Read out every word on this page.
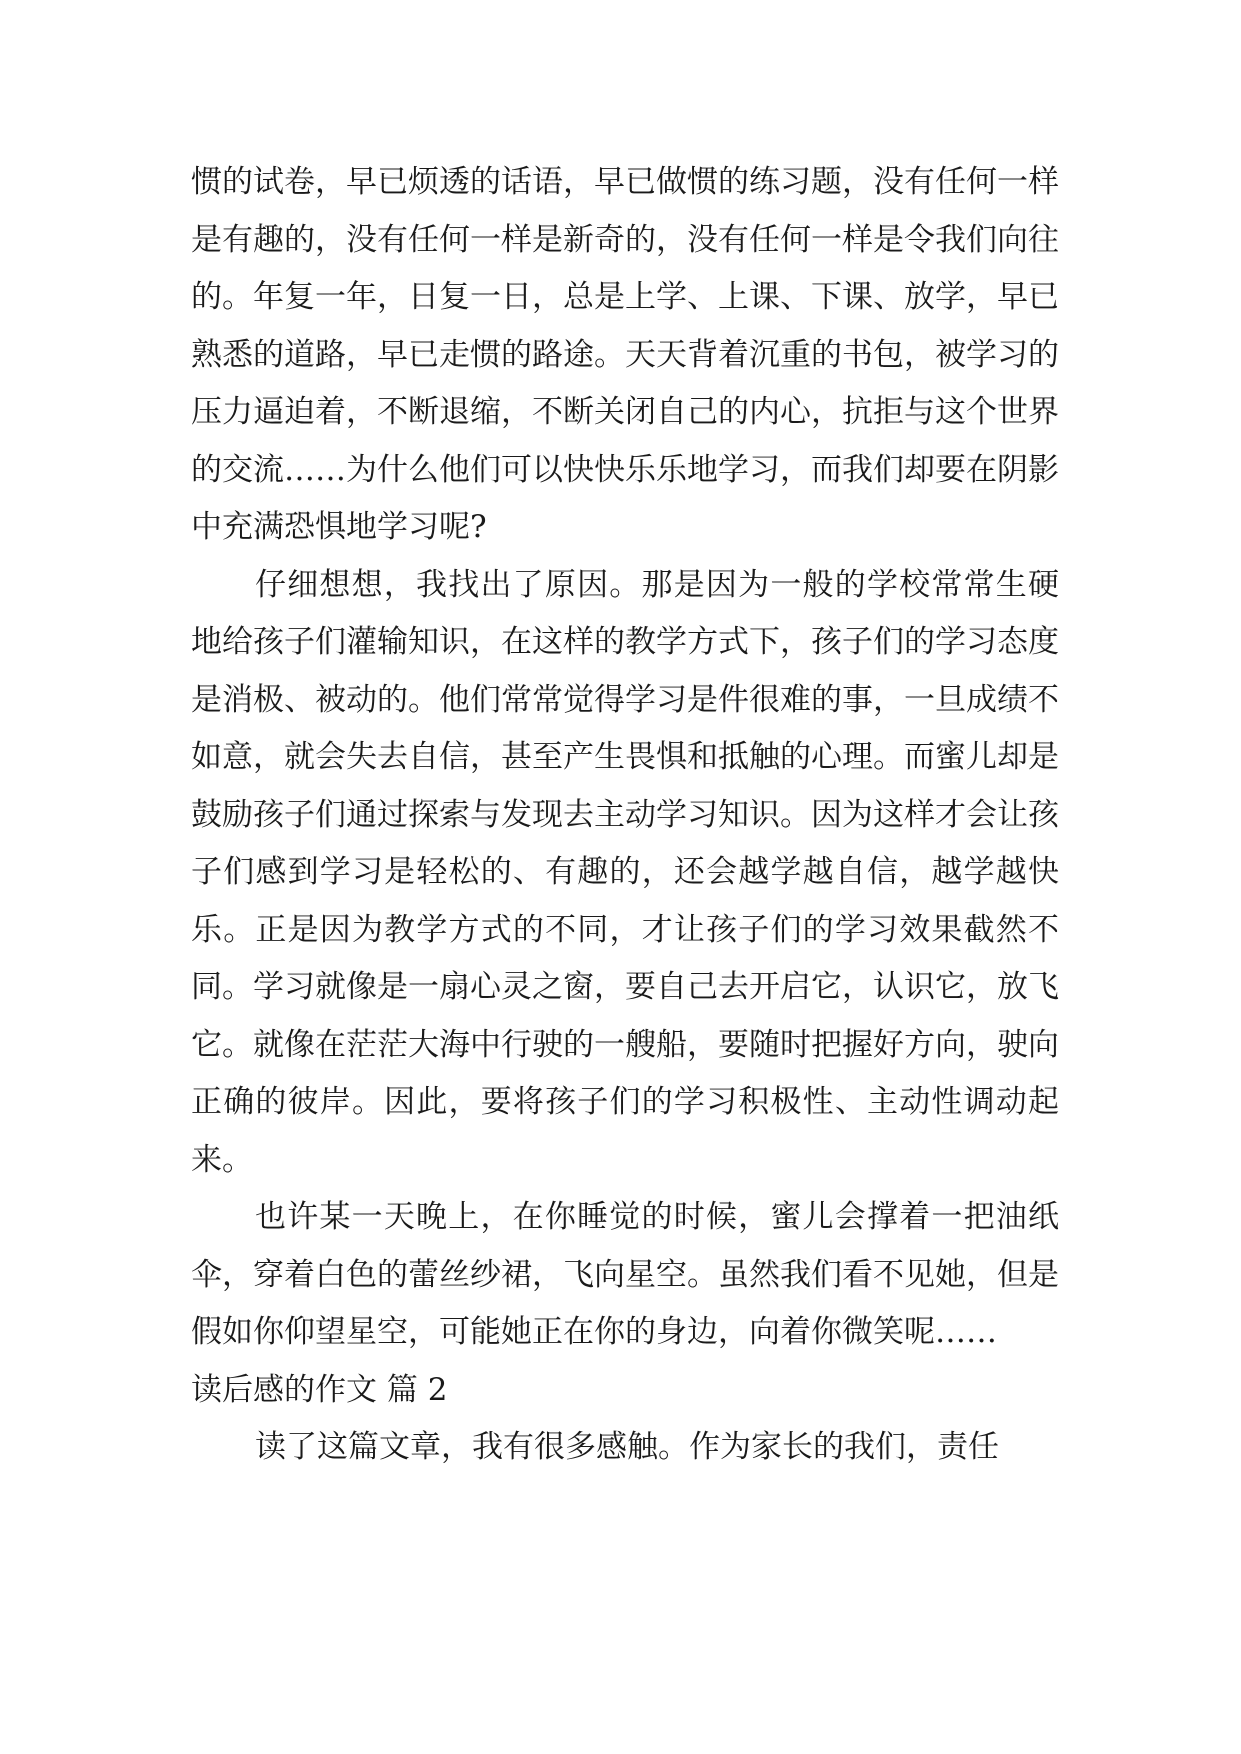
惯的试卷，早已烦透的话语，早已做惯的练习题，没有任何一样是有趣的，没有任何一样是新奇的，没有任何一样是令我们向往的。年复一年，日复一日，总是上学、上课、下课、放学，早已熟悉的道路，早已走惯的路途。天天背着沉重的书包，被学习的压力逼迫着，不断退缩，不断关闭自己的内心，抗拒与这个世界的交流……为什么他们可以快快乐乐地学习，而我们却要在阴影中充满恐惧地学习呢?

仔细想想，我找出了原因。那是因为一般的学校常常生硬地给孩子们灌输知识，在这样的教学方式下，孩子们的学习态度是消极、被动的。他们常常觉得学习是件很难的事，一旦成绩不如意，就会失去自信，甚至产生畏惧和抵触的心理。而蜜儿却是鼓励孩子们通过探索与发现去主动学习知识。因为这样才会让孩子们感到学习是轻松的、有趣的，还会越学越自信，越学越快乐。正是因为教学方式的不同，才让孩子们的学习效果截然不同。学习就像是一扇心灵之窗，要自己去开启它，认识它，放飞它。就像在茫茫大海中行驶的一艘船，要随时把握好方向，驶向正确的彼岸。因此，要将孩子们的学习积极性、主动性调动起来。

也许某一天晚上，在你睡觉的时候，蜜儿会撑着一把油纸伞，穿着白色的蕾丝纱裙，飞向星空。虽然我们看不见她，但是假如你仰望星空，可能她正在你的身边，向着你微笑呢……

读后感的作文 篇 2

读了这篇文章，我有很多感触。作为家长的我们，责任
